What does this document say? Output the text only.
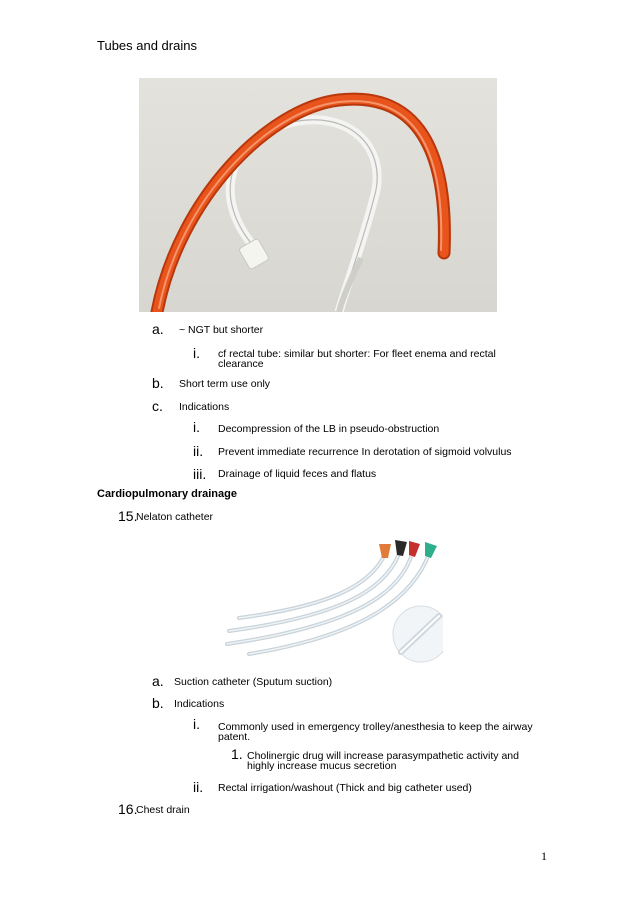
Tubes and drains
a. ~ NGT but shorter
i. cf rectal tube: similar but shorter: For fleet enema and rectal clearance
b. Short term use only
c. Indications
i. Decompression of the LB in pseudo-obstruction
ii. Prevent immediate recurrence In derotation of sigmoid volvulus
iii. Drainage of liquid feces and flatus
Cardiopulmonary drainage
15.
Nelaton catheter
a. Suction catheter (Sputum suction)
b. Indications
i. Commonly used in emergency trolley/anesthesia to keep the airway patent.
1. Cholinergic drug will increase parasympathetic activity and highly increase mucus secretion
ii. Rectal irrigation/washout (Thick and big catheter used)
16.
Chest drain
1
